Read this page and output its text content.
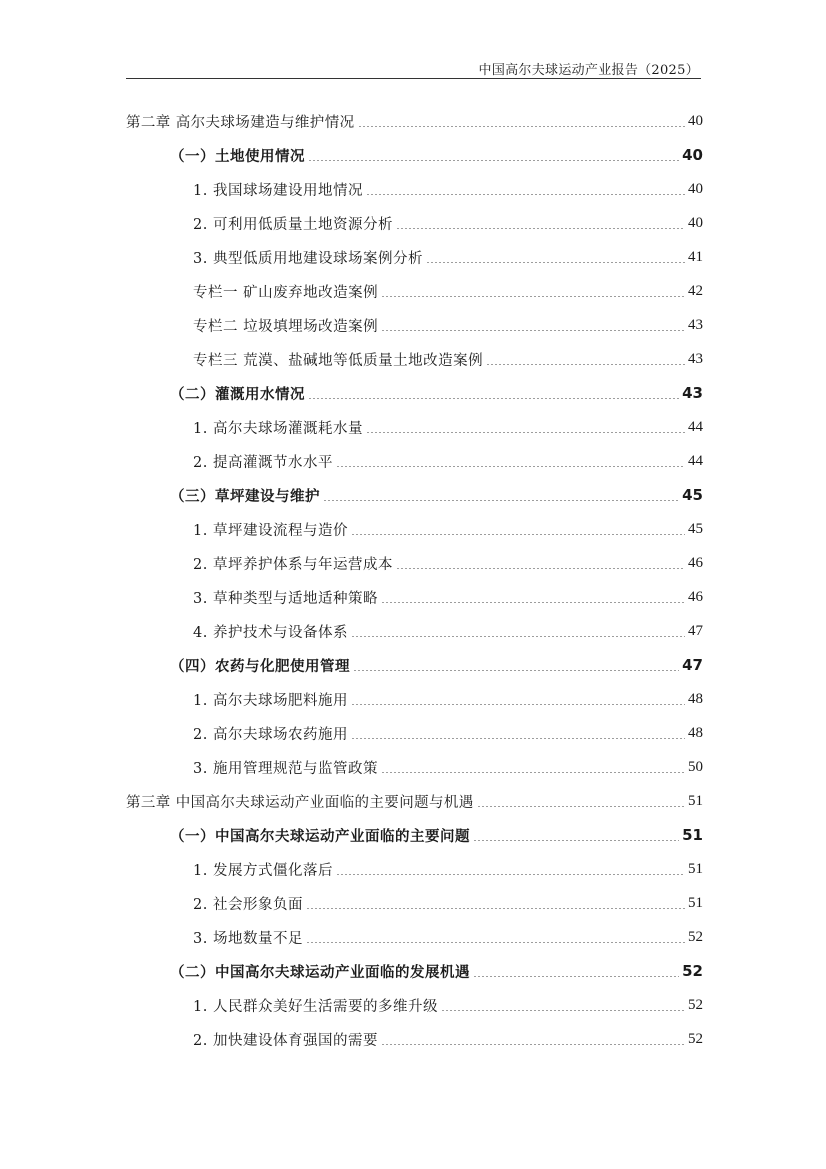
中国高尔夫球运动产业报告（2025）
第二章 高尔夫球场建造与维护情况	40
（一）土地使用情况	40
1. 我国球场建设用地情况	40
2. 可利用低质量土地资源分析	40
3. 典型低质用地建设球场案例分析	41
专栏一 矿山废弃地改造案例	42
专栏二 垃圾填埋场改造案例	43
专栏三 荒漠、盐碱地等低质量土地改造案例	43
（二）灌溉用水情况	43
1. 高尔夫球场灌溉耗水量	44
2. 提高灌溉节水水平	44
（三）草坪建设与维护	45
1. 草坪建设流程与造价	45
2. 草坪养护体系与年运营成本	46
3. 草种类型与适地适种策略	46
4. 养护技术与设备体系	47
（四）农药与化肥使用管理	47
1. 高尔夫球场肥料施用	48
2. 高尔夫球场农药施用	48
3. 施用管理规范与监管政策	50
第三章 中国高尔夫球运动产业面临的主要问题与机遇	51
（一）中国高尔夫球运动产业面临的主要问题	51
1. 发展方式僵化落后	51
2. 社会形象负面	51
3. 场地数量不足	52
（二）中国高尔夫球运动产业面临的发展机遇	52
1. 人民群众美好生活需要的多维升级	52
2. 加快建设体育强国的需要	52
